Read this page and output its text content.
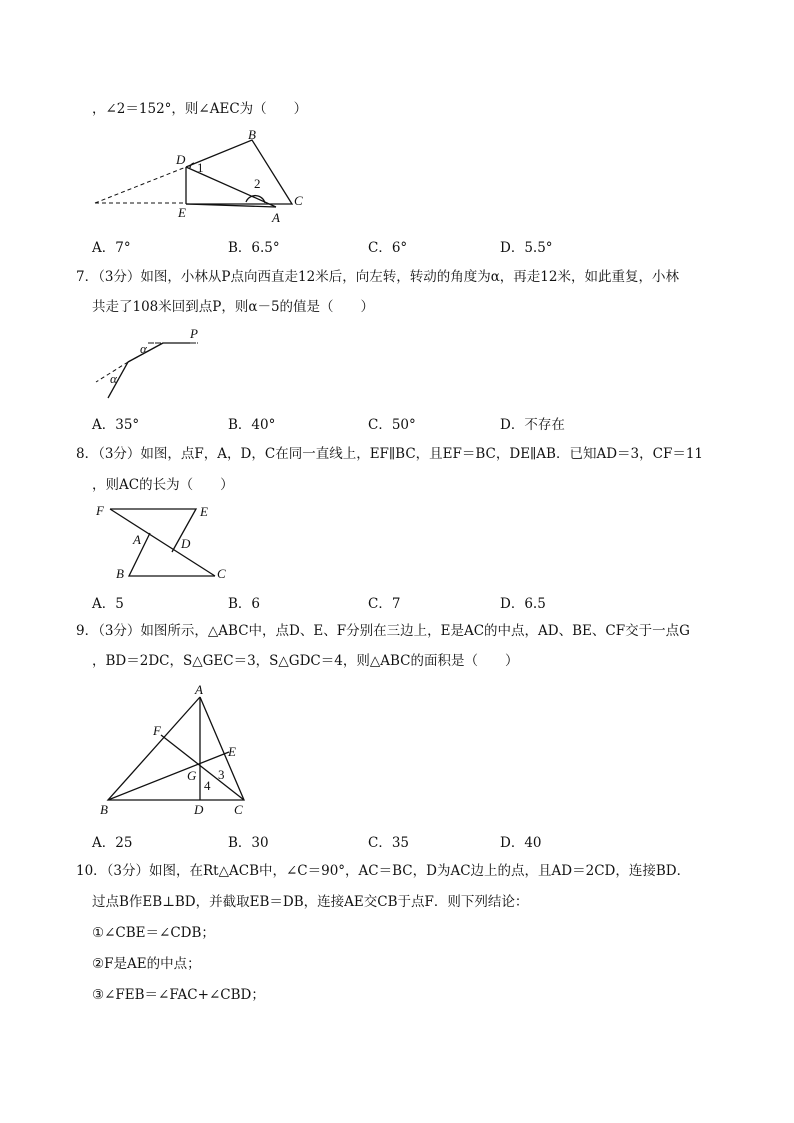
，∠2＝152°，则∠AEC为（　　）
B
D
1
2
C
E	A
A．7°	B．6.5°	C．6°	D．5.5°
7．（3分）如图，小林从P点向西直走12米后，向左转，转动的角度为α，再走12米，如此重复，小林
共走了108米回到点P，则α－5的值是（　　）
P
α
α
A．35°	B．40°	C．50°	D．不存在
8．（3分）如图，点F，A，D，C在同一直线上，EF∥BC，且EF＝BC，DE∥AB．已知AD＝3，CF＝11
，则AC的长为（　　）
F	E
A	D
B	C
A．5	B．6	C．7	D．6.5
9．（3分）如图所示，△ABC中，点D、E、F分别在三边上，E是AC的中点，AD、BE、CF交于一点G
，BD＝2DC，S△GEC＝3，S△GDC＝4，则△ABC的面积是（　　）
A
F
E
G 3
4
B	D C
A．25	B．30	C．35	D．40
10．（3分）如图，在Rt△ACB中，∠C＝90°，AC＝BC，D为AC边上的点，且AD＝2CD，连接BD．
过点B作EB⊥BD，并截取EB＝DB，连接AE交CB于点F．则下列结论：
①∠CBE＝∠CDB；
②F是AE的中点；
③∠FEB＝∠FAC+∠CBD；
